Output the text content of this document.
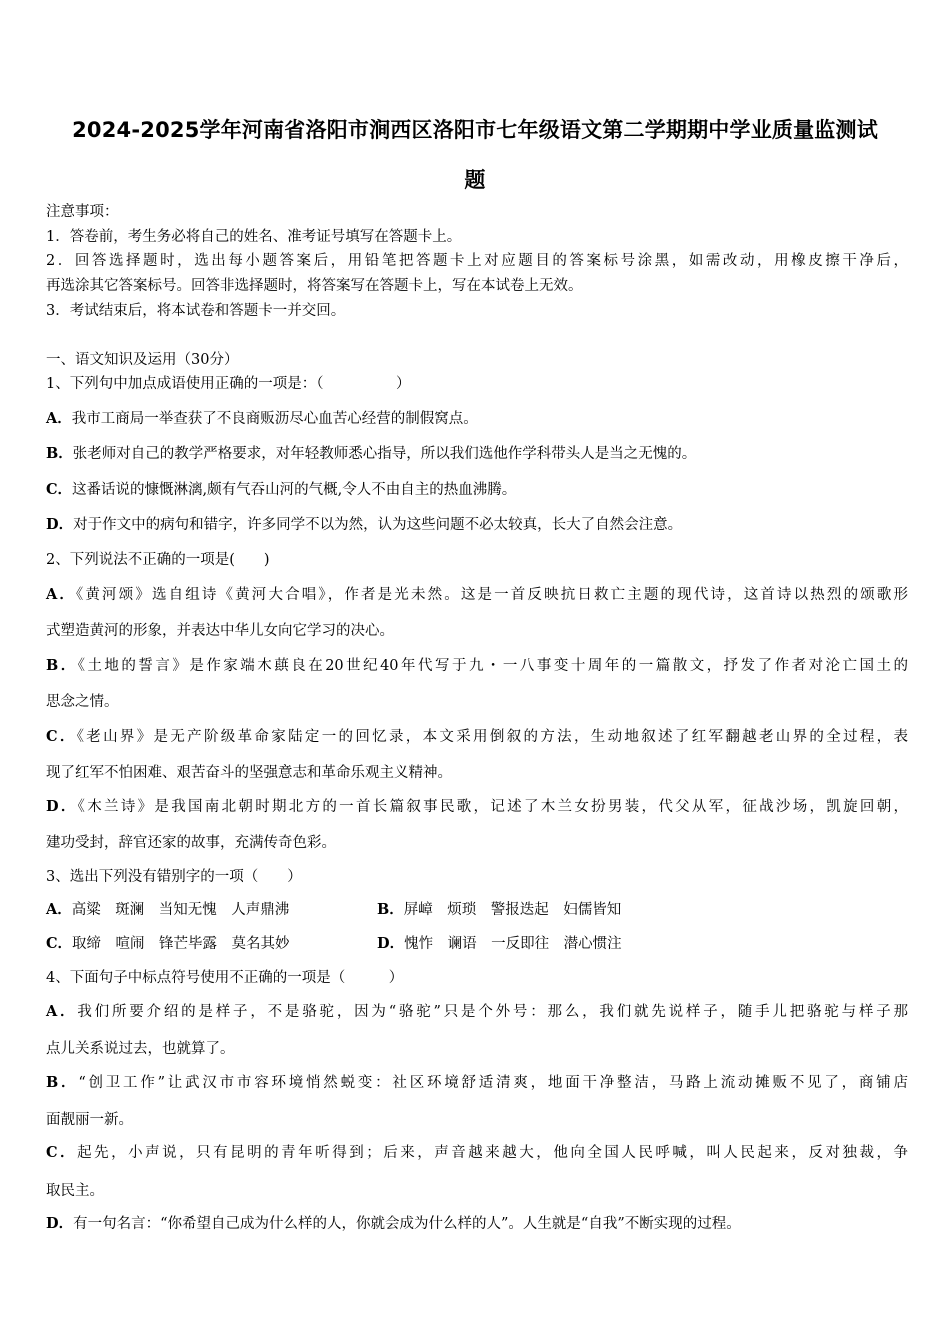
2024-2025学年河南省洛阳市涧西区洛阳市七年级语文第二学期期中学业质量监测试
题
注意事项：
1．答卷前，考生务必将自己的姓名、准考证号填写在答题卡上。
2．回答选择题时，选出每小题答案后，用铅笔把答题卡上对应题目的答案标号涂黑，如需改动，用橡皮擦干净后，
再选涂其它答案标号。回答非选择题时，将答案写在答题卡上，写在本试卷上无效。
3．考试结束后，将本试卷和答题卡一并交回。
一、语文知识及运用（30分）
1、下列句中加点成语使用正确的一项是：（　　　　　）
A．我市工商局一举查获了不良商贩沥尽心血苦心经营的制假窝点。
B．张老师对自己的教学严格要求，对年轻教师悉心指导，所以我们选他作学科带头人是当之无愧的。
C．这番话说的慷慨淋漓,颇有气吞山河的气概,令人不由自主的热血沸腾。
D．对于作文中的病句和错字，许多同学不以为然，认为这些问题不必太较真，长大了自然会注意。
2、下列说法不正确的一项是(　　)
A．《黄河颂》选自组诗《黄河大合唱》，作者是光未然。这是一首反映抗日救亡主题的现代诗，这首诗以热烈的颂歌形
式塑造黄河的形象，并表达中华儿女向它学习的决心。
B．《土地的誓言》是作家端木蕻良在20世纪40年代写于九・一八事变十周年的一篇散文，抒发了作者对沦亡国土的
思念之情。
C．《老山界》是无产阶级革命家陆定一的回忆录，本文采用倒叙的方法，生动地叙述了红军翻越老山界的全过程，表
现了红军不怕困难、艰苦奋斗的坚强意志和革命乐观主义精神。
D．《木兰诗》是我国南北朝时期北方的一首长篇叙事民歌，记述了木兰女扮男装，代父从军，征战沙场，凯旋回朝，
建功受封，辞官还家的故事，充满传奇色彩。
3、选出下列没有错别字的一项（　　）
A．高粱　斑澜　当知无愧　人声鼎沸	B．屏嶂　烦琐　警报迭起　妇儒皆知
C．取缔　喧闹　锋芒毕露　莫名其妙	D．愧怍　谰语　一反即往　潜心惯注
4、下面句子中标点符号使用不正确的一项是（　　　）
A．我们所要介绍的是样子，不是骆驼，因为“骆驼”只是个外号：那么，我们就先说样子，随手儿把骆驼与样子那
点儿关系说过去，也就算了。
B．“创卫工作”让武汉市市容环境悄然蜕变：社区环境舒适清爽，地面干净整洁，马路上流动摊贩不见了，商铺店
面靓丽一新。
C．起先，小声说，只有昆明的青年听得到；后来，声音越来越大，他向全国人民呼喊，叫人民起来，反对独裁，争
取民主。
D．有一句名言：“你希望自己成为什么样的人，你就会成为什么样的人”。人生就是“自我”不断实现的过程。
